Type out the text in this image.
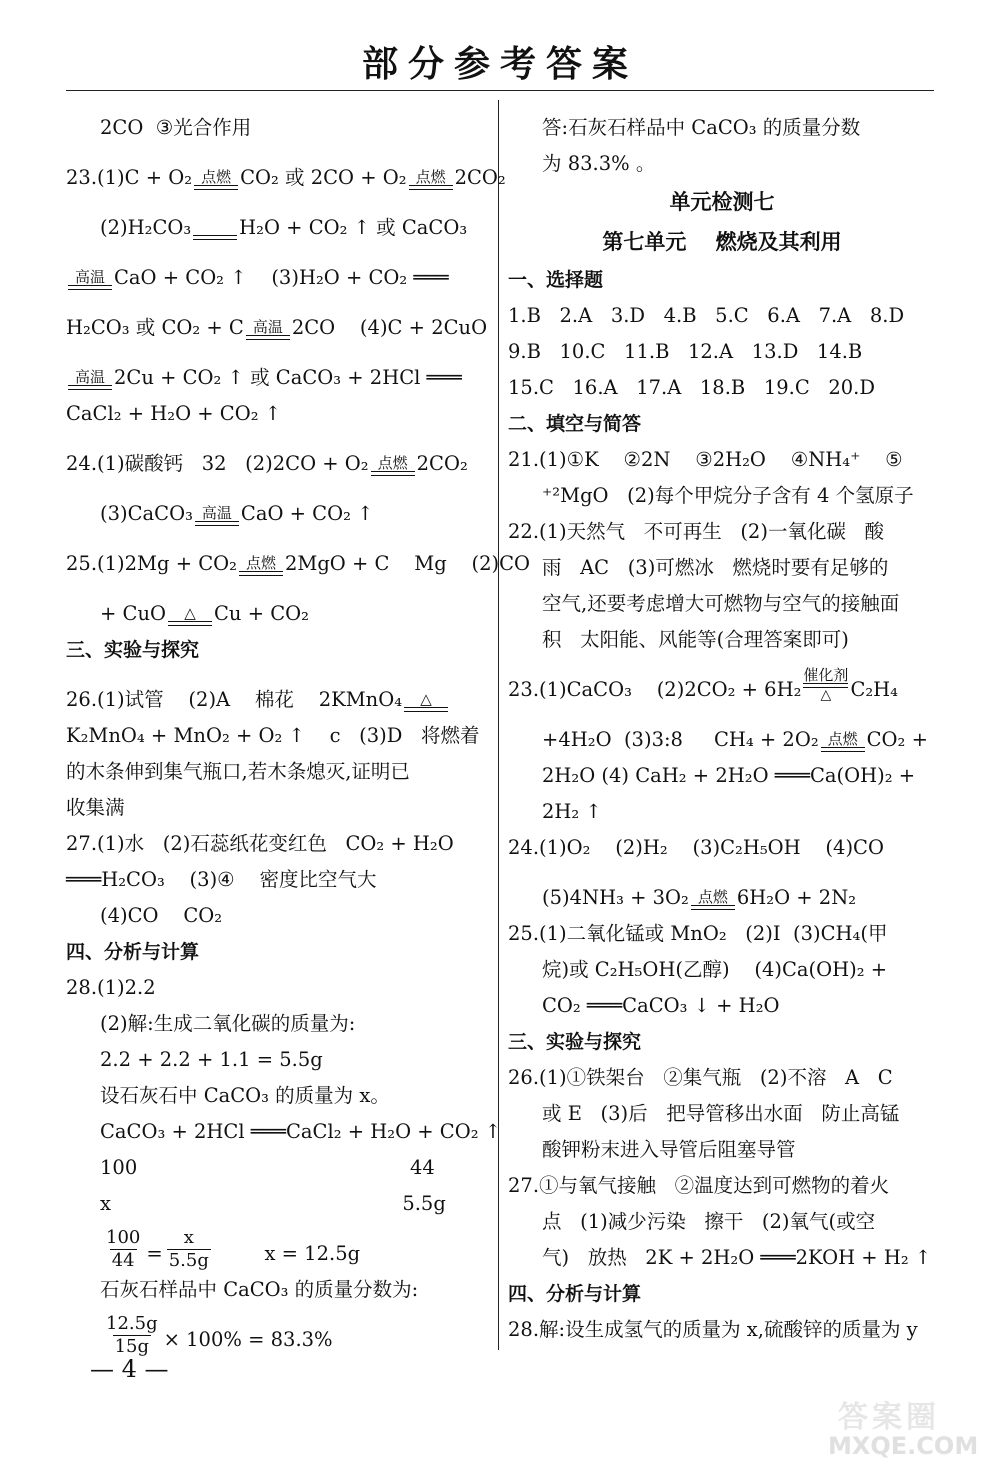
部分参考答案
2CO  ③光合作用
23.(1)C + O₂ 点燃 CO₂ 或 2CO + O₂ 点燃 2CO₂
(2)H₂CO₃
H₂O + CO₂ ↑ 或 CaCO₃
高温 CaO + CO₂ ↑    (3)H₂O + CO₂ ═══
H₂CO₃ 或 CO₂ + C 高温 2CO    (4)C + 2CuO
高温 2Cu + CO₂ ↑ 或 CaCO₃ + 2HCl ═══
CaCl₂ + H₂O + CO₂ ↑
24.(1)碳酸钙   32   (2)2CO + O₂ 点燃 2CO₂
(3)CaCO₃ 高温 CaO + CO₂ ↑
25.(1)2Mg + CO₂ 点燃 2MgO + C    Mg    (2)CO
+ CuO △ Cu + CO₂
三、实验与探究
26.(1)试管    (2)A    棉花    2KMnO₄ △
K₂MnO₄ + MnO₂ + O₂ ↑    c   (3)D   将燃着
的木条伸到集气瓶口,若木条熄灭,证明已
收集满
27.(1)水   (2)石蕊纸花变红色   CO₂ + H₂O
═══H₂CO₃    (3)④    密度比空气大
(4)CO    CO₂
四、分析与计算
28.(1)2.2
(2)解:生成二氧化碳的质量为:
2.2 + 2.2 + 1.1 = 5.5g
设石灰石中 CaCO₃ 的质量为 x。
CaCO₃ + 2HCl ═══CaCl₂ + H₂O + CO₂ ↑
100                                            44
x                                               5.5g
$\frac{100}{44} = \frac{x}{5.5g}$ x = 12.5g
石灰石样品中 CaCO₃ 的质量分数为:
$\frac{12.5g}{15g} \times 100\% = 83.3\%$
答:石灰石样品中 CaCO₃ 的质量分数
为 83.3% 。
单元检测七
第七单元    燃烧及其利用
一、选择题
1.B   2.A   3.D   4.B   5.C   6.A   7.A   8.D
9.B   10.C   11.B   12.A   13.D   14.B
15.C   16.A   17.A   18.B   19.C   20.D
二、填空与简答
21.(1)①K    ②2N    ③2H₂O    ④NH₄⁺    ⑤
⁺²MgO   (2)每个甲烷分子含有 4 个氢原子
22.(1)天然气   不可再生   (2)一氧化碳   酸
雨   AC   (3)可燃冰   燃烧时要有足够的
空气,还要考虑增大可燃物与空气的接触面
积   太阳能、风能等(合理答案即可)
23.(1)CaCO₃    (2)2CO₂ + 6H₂
催化剂
△ C₂H₄
+4H₂O  (3)3:8     CH₄ + 2O₂ 点燃 CO₂ +
2H₂O (4) CaH₂ + 2H₂O ═══Ca(OH)₂ +
2H₂ ↑
24.(1)O₂    (2)H₂    (3)C₂H₅OH    (4)CO
(5)4NH₃ + 3O₂ 点燃 6H₂O + 2N₂
25.(1)二氧化锰或 MnO₂   (2)I  (3)CH₄(甲
烷)或 C₂H₅OH(乙醇)    (4)Ca(OH)₂ +
CO₂ ═══CaCO₃ ↓ + H₂O
三、实验与探究
26.(1)①铁架台   ②集气瓶   (2)不溶   A   C
或 E   (3)后   把导管移出水面   防止高锰
酸钾粉末进入导管后阻塞导管
27.①与氧气接触   ②温度达到可燃物的着火
点   (1)减少污染   擦干   (2)氧气(或空
气)   放热   2K + 2H₂O ═══2KOH + H₂ ↑
四、分析与计算
28.解:设生成氢气的质量为 x,硫酸锌的质量为 y
— 4 —
答案圈
MXQE.COM
